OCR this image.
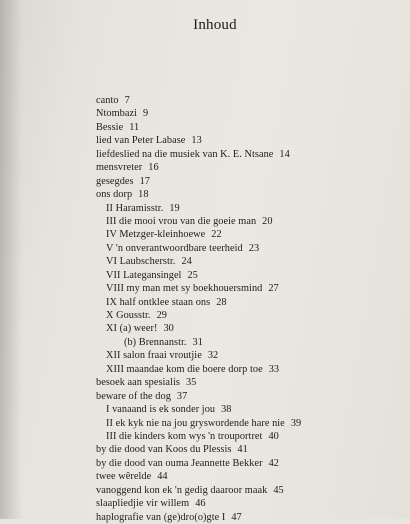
Inhoud
canto 7
Ntombazi 9
Bessie 11
lied van Peter Labase 13
liefdeslied na die musiek van K. E. Ntsane 14
mensvreter 16
gesegdes 17
ons dorp 18
II Haramisstr. 19
III die mooi vrou van die goeie man 20
IV Metzger-kleinhoewe 22
V 'n onverantwoordbare teerheid 23
VI Laubscherstr. 24
VII Lategansingel 25
VIII my man met sy boekhouersmind 27
IX half ontklee staan ons 28
X Gousstr. 29
XI (a) weer! 30
(b) Brennanstr. 31
XII salon fraai vroutjie 32
XIII maandae kom die boere dorp toe 33
besoek aan spesialis 35
beware of the dog 37
I vanaand is ek sonder jou 38
II ek kyk nie na jou gryswordende hare nie 39
III die kinders kom wys 'n trouportret 40
by die dood van Koos du Plessis 41
by die dood van ouma Jeannette Bekker 42
twee wêrelde 44
vanoggend kon ek 'n gedig daaroor maak 45
slaapliedjie vir willem 46
haplografie van (ge)dro(o)gte I 47
